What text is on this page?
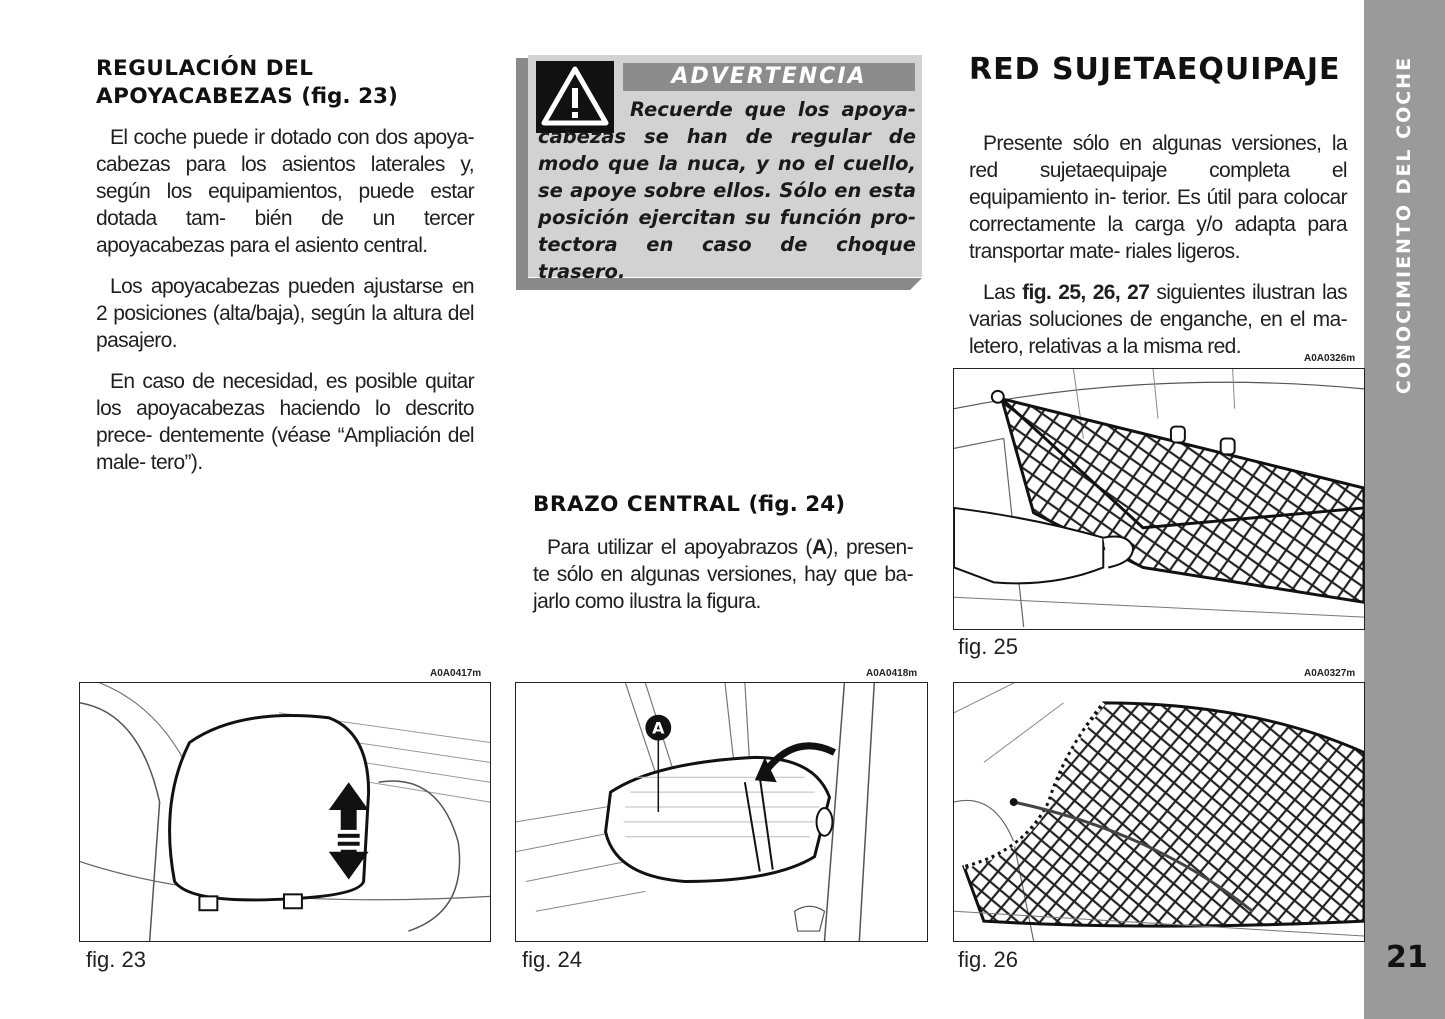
CONOCIMIENTO DEL COCHE
21
REGULACIÓN DEL
APOYACABEZAS (fig. 23)

El coche puede ir dotado con dos apoya- cabezas para los asientos laterales y, según los equipamientos, puede estar dotada tam- bién de un tercer apoyacabezas para el asiento central.

Los apoyacabezas pueden ajustarse en 2 posiciones (alta/baja), según la altura del pasajero.

En caso de necesidad, es posible quitar los apoyacabezas haciendo lo descrito prece- dentemente (véase “Ampliación del male- tero”).

ADVERTENCIA
Recuerde que los apoya- cabezas se han de regular de modo que la nuca, y no el cuello, se apoye sobre ellos. Sólo en esta posición ejercitan su función pro- tectora en caso de choque trasero.
BRAZO CENTRAL (fig. 24)

Para utilizar el apoyabrazos (A), presen- te sólo en algunas versiones, hay que ba- jarlo como ilustra la figura.

RED SUJETAEQUIPAJE

Presente sólo en algunas versiones, la red sujetaequipaje completa el equipamiento in- terior. Es útil para colocar correctamente la carga y/o adapta para transportar mate- riales ligeros.

Las fig. 25, 26, 27 siguientes ilustran las varias soluciones de enganche, en el ma- letero, relativas a la misma red.

A0A0326m
fig. 25
A0A0417m
fig. 23
A0A0418m
A
fig. 24
A0A0327m
fig. 26
